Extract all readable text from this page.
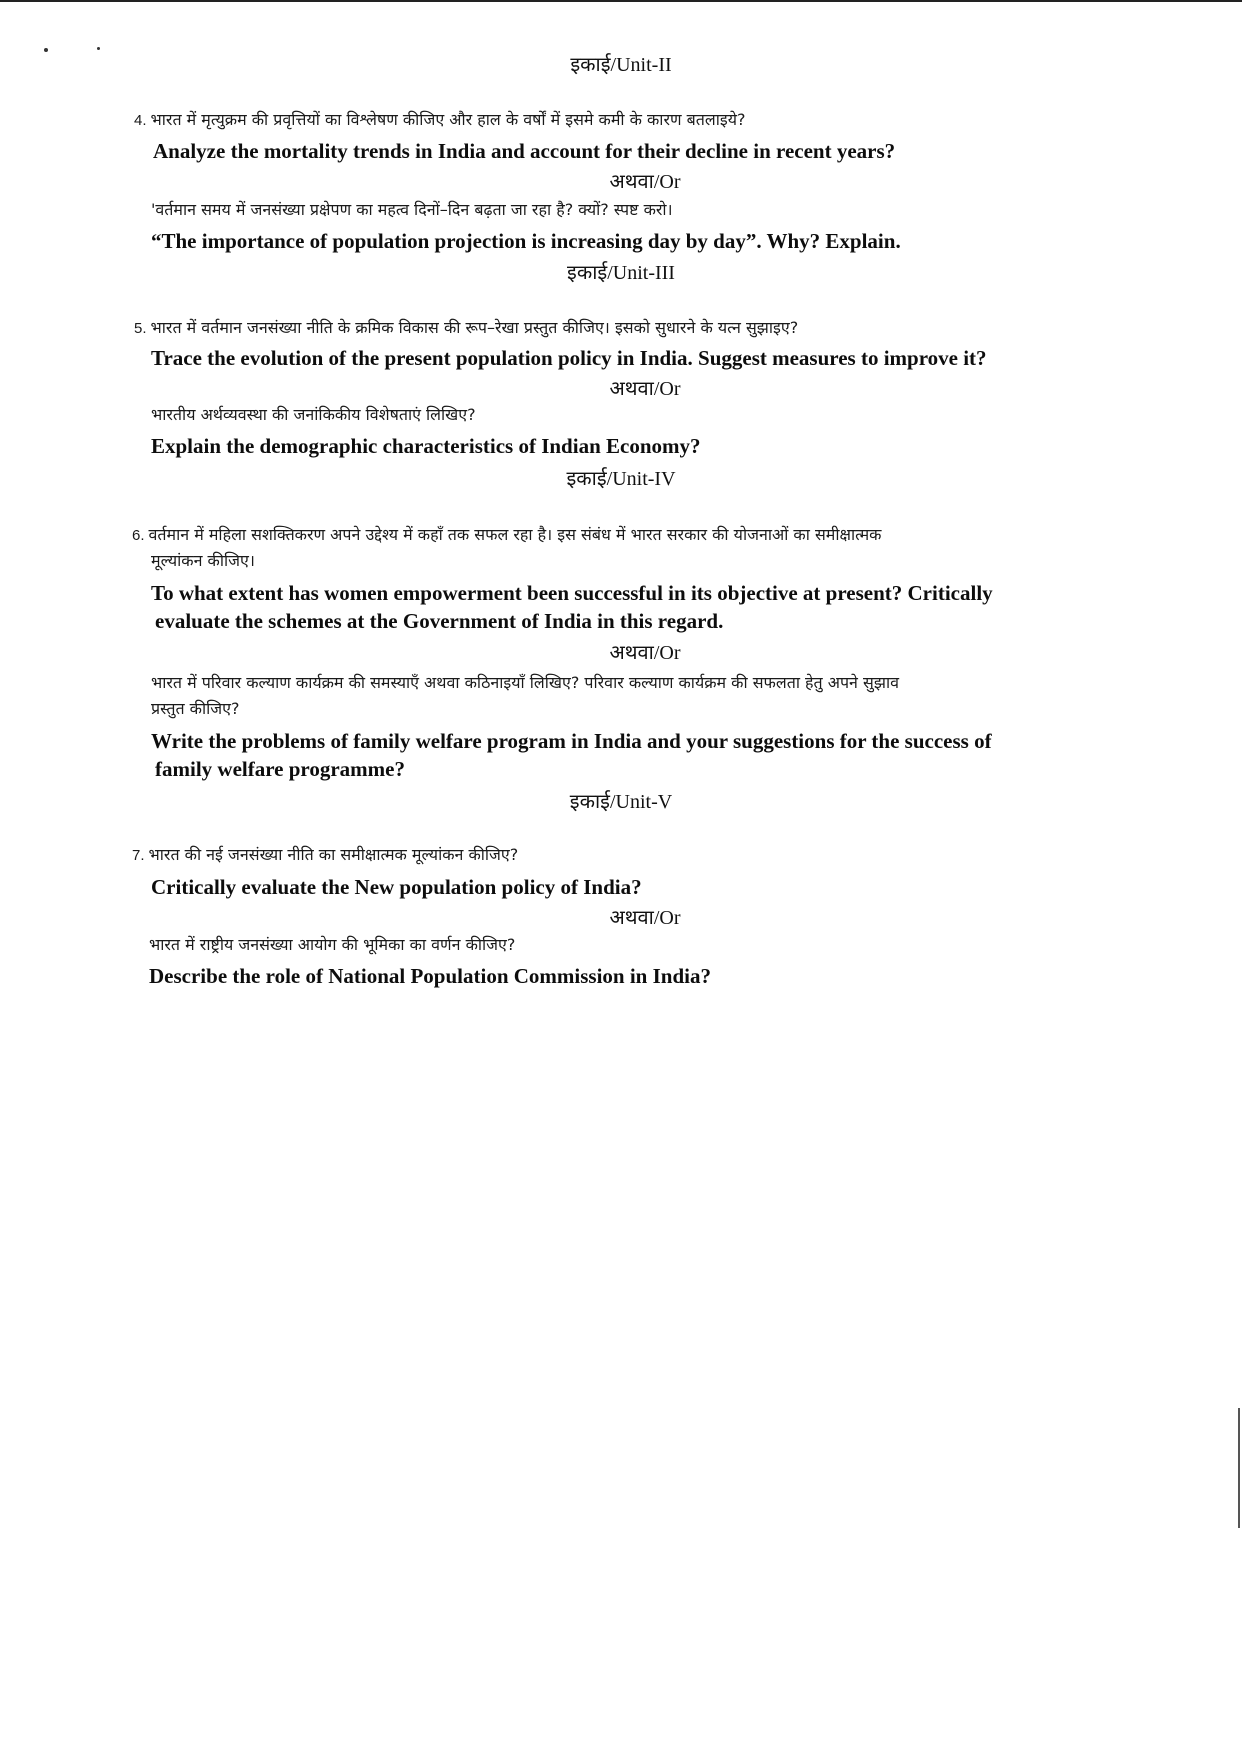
इकाई/Unit-II
4. भारत में मृत्युक्रम की प्रवृत्तियों का विश्लेषण कीजिए और हाल के वर्षों में इसमे कमी के कारण बतलाइये?
Analyze the mortality trends in India and account for their decline in recent years?
अथवा/Or
'वर्तमान समय में जनसंख्या प्रक्षेपण का महत्व दिनों–दिन बढ़ता जा रहा है? क्यों? स्पष्ट करो।
“The importance of population projection is increasing day by day”. Why? Explain.
इकाई/Unit-III
5. भारत में वर्तमान जनसंख्या नीति के क्रमिक विकास की रूप–रेखा प्रस्तुत कीजिए। इसको सुधारने के यत्न सुझाइए?
Trace the evolution of the present population policy in India. Suggest measures to improve it?
अथवा/Or
भारतीय अर्थव्यवस्था की जनांकिकीय विशेषताएं लिखिए?
Explain the demographic characteristics of Indian Economy?
इकाई/Unit-IV
6. वर्तमान में महिला सशक्तिकरण अपने उद्देश्य में कहाँ तक सफल रहा है। इस संबंध में भारत सरकार की योजनाओं का समीक्षात्मक
मूल्यांकन कीजिए।
To what extent has women empowerment been successful in its objective at present? Critically
evaluate the schemes at the Government of India in this regard.
अथवा/Or
भारत में परिवार कल्याण कार्यक्रम की समस्याएँ अथवा कठिनाइयाँ लिखिए? परिवार कल्याण कार्यक्रम की सफलता हेतु अपने सुझाव
प्रस्तुत कीजिए?
Write the problems of family welfare program in India and your suggestions for the success of
family welfare programme?
इकाई/Unit-V
7. भारत की नई जनसंख्या नीति का समीक्षात्मक मूल्यांकन कीजिए?
Critically evaluate the New population policy of India?
अथवा/Or
भारत में राष्ट्रीय जनसंख्या आयोग की भूमिका का वर्णन कीजिए?
Describe the role of National Population Commission in India?
